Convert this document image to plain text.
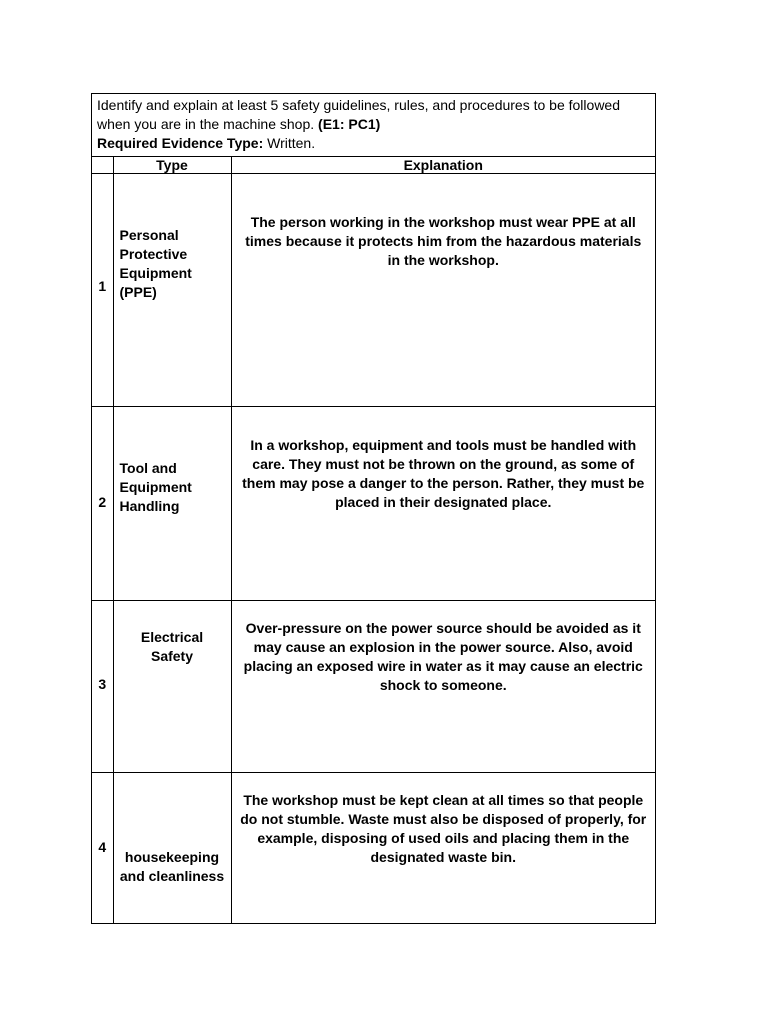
Identify and explain at least 5 safety guidelines, rules, and procedures to be followed when you are in the machine shop. (E1: PC1)
Required Evidence Type: Written.
	Type	Explanation

1	Personal Protective Equipment (PPE)	The person working in the workshop must wear PPE at all times because it protects him from the hazardous materials in the workshop.

2	Tool and Equipment Handling	In a workshop, equipment and tools must be handled with care. They must not be thrown on the ground, as some of them may pose a danger to the person. Rather, they must be placed in their designated place.

3	Electrical Safety	Over-pressure on the power source should be avoided as it may cause an explosion in the power source. Also, avoid placing an exposed wire in water as it may cause an electric shock to someone.

4	housekeeping and cleanliness	The workshop must be kept clean at all times so that people do not stumble. Waste must also be disposed of properly, for example, disposing of used oils and placing them in the designated waste bin.
